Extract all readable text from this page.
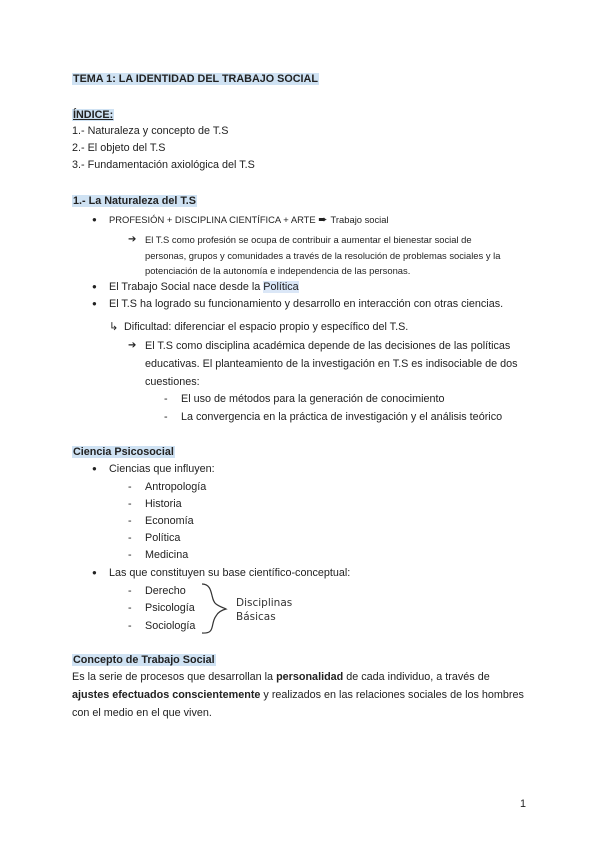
TEMA 1: LA IDENTIDAD DEL TRABAJO SOCIAL
ÍNDICE:
1.- Naturaleza y concepto de T.S
2.- El objeto del T.S
3.- Fundamentación axiológica del T.S
1.- La Naturaleza del T.S
● PROFESIÓN + DISCIPLINA CIENTÍFICA + ARTE ➨ Trabajo social
➔ El T.S como profesión se ocupa de contribuir a aumentar el bienestar social de
personas, grupos y comunidades a través de la resolución de problemas sociales y la
potenciación de la autonomía e independencia de las personas.
● El Trabajo Social nace desde la Política
● El T.S ha logrado su funcionamiento y desarrollo en interacción con otras ciencias.
↳ Dificultad: diferenciar el espacio propio y específico del T.S.
➔ El T.S como disciplina académica depende de las decisiones de las políticas
educativas. El planteamiento de la investigación en T.S es indisociable de dos
cuestiones:
- El uso de métodos para la generación de conocimiento
- La convergencia en la práctica de investigación y el análisis teórico
Ciencia Psicosocial
● Ciencias que influyen:
- Antropología
- Historia
- Economía
- Política
- Medicina
● Las que constituyen su base científico-conceptual:
- Derecho
- Psicología
- Sociología
Disciplinas
Básicas
Concepto de Trabajo Social
Es la serie de procesos que desarrollan la personalidad de cada individuo, a través de
ajustes efectuados conscientemente y realizados en las relaciones sociales de los hombres
con el medio en el que viven.
1
